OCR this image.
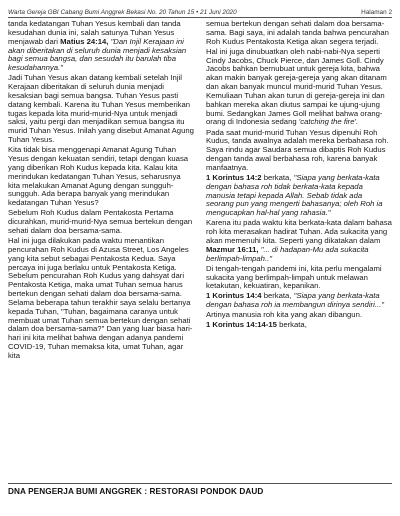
Warta Gereja GBI Cabang Bumi Anggrek Bekasi No. 20 Tahun 15 • 21 Juni 2020	Halaman 2

tanda kedatangan Tuhan Yesus kembali dan tanda kesudahan dunia ini, salah satunya Tuhan Yesus menjawab dari Matius 24:14, "Dan Injil Kerajaan ini akan diberitakan di seluruh dunia menjadi kesaksian bagi semua bangsa, dan sesudah itu barulah tiba kesudahannya."

Jadi Tuhan Yesus akan datang kembali setelah Injil Kerajaan diberitakan di seluruh dunia menjadi kesaksian bagi semua bangsa. Tuhan Yesus pasti datang kembali. Karena itu Tuhan Yesus memberikan tugas kepada kita murid-murid-Nya untuk menjadi saksi, yaitu pergi dan menjadikan semua bangsa itu murid Tuhan Yesus. Inilah yang disebut Amanat Agung Tuhan Yesus.

Kita tidak bisa menggenapi Amanat Agung Tuhan Yesus dengan kekuatan sendiri, tetapi dengan kuasa yang diberikan Roh Kudus kepada kita. Kalau kita merindukan kedatangan Tuhan Yesus, seharusnya kita melakukan Amanat Agung dengan sungguh-sungguh. Ada berapa banyak yang merindukan kedatangan Tuhan Yesus?

Sebelum Roh Kudus dalam Pentakosta Pertama dicurahkan, murid-murid-Nya semua bertekun dengan sehati dalam doa bersama-sama.

Hal ini juga dilakukan pada waktu menantikan pencurahan Roh Kudus di Azusa Street, Los Angeles yang kita sebut sebagai Pentakosta Kedua. Saya percaya ini juga berlaku untuk Pentakosta Ketiga. Sebelum pencurahan Roh Kudus yang dahsyat dari Pentakosta Ketiga, maka umat Tuhan semua harus bertekun dengan sehati dalam doa bersama-sama. Selama beberapa tahun terakhir saya selalu bertanya kepada Tuhan, "Tuhan, bagaimana caranya untuk membuat umat Tuhan semua bertekun dengan sehati dalam doa bersama-sama?" Dan yang luar biasa hari-hari ini kita melihat bahwa dengan adanya pandemi COVID-19, Tuhan memaksa kita, umat Tuhan, agar kita

semua bertekun dengan sehati dalam doa bersama-sama. Bagi saya, ini adalah tanda bahwa pencurahan Roh Kudus Pentakosta Ketiga akan segera terjadi.

Hal ini juga dinubuatkan oleh nabi-nabi-Nya seperti Cindy Jacobs, Chuck Pierce, dan James Goll. Cindy Jacobs bahkan bernubuat untuk gereja kita, bahwa akan makin banyak gereja-gereja yang akan ditanam dan akan banyak muncul murid-murid Tuhan Yesus. Kemuliaan Tuhan akan turun di gereja-gereja ini dan bahkan mereka akan diutus sampai ke ujung-ujung bumi. Sedangkan James Goll melihat bahwa orang-orang di Indonesia sedang 'catching the fire'.

Pada saat murid-murid Tuhan Yesus dipenuhi Roh Kudus, tanda awalnya adalah mereka berbahasa roh. Saya rindu agar Saudara semua dibaptis Roh Kudus dengan tanda awal berbahasa roh, karena banyak manfaatnya.

1 Korintus 14:2 berkata, "Siapa yang berkata-kata dengan bahasa roh tidak berkata-kata kepada manusia tetapi kepada Allah. Sebab tidak ada seorang pun yang mengerti bahasanya; oleh Roh ia mengucapkan hal-hal yang rahasia."

Karena itu pada waktu kita berkata-kata dalam bahasa roh kita merasakan hadirat Tuhan. Ada sukacita yang akan memenuhi kita. Seperti yang dikatakan dalam Mazmur 16:11, "... di hadapan-Mu ada sukacita berlimpah-limpah.."

Di tengah-tengah pandemi ini, kita perlu mengalami sukacita yang berlimpah-limpah untuk melawan ketakutan, kekuatiran, kepanikan.

1 Korintus 14:4 berkata, "Siapa yang berkata-kata dengan bahasa roh ia membangun dirinya sendiri..."

Artinya manusia roh kita yang akan dibangun.

1 Korintus 14:14-15 berkata,

DNA PENGERJA BUMI ANGGREK : RESTORASI PONDOK DAUD
